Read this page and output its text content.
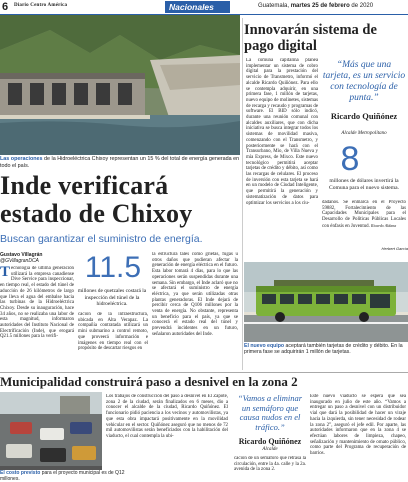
6 Diario Centro América	Nacionales	Guatemala, martes 25 de febrero de 2020
Las operaciones de la Hidroeléctrica Chixoy representan un 15 % del total de energía generada en todo el país.
Inde verificará estado de Chixoy
Buscan garantizar el suministro de energía.
Gustavo Villagrán
@GVillagranDCA
Tecnología de última generación utilizará la empresa canadiense Dive Service para inspeccionar, en tiempo real, el estado del túnel de aducción de 26 kilómetros de largo que lleva el agua del embalse hacia las turbinas de la Hidroeléctrica Chixoy. Desde su inauguración, hace 34 años, no se realizaba una labor de esta magnitud, informaron autoridades del Instituto Nacional de Electrificación (Inde), que erogará Q21.5 millones para la verifi-
11.5
millones de quetzales costará la inspección del túnel de la hidroeléctrica.
cación de la infraestructura, ubicada en Alta Verapaz. La compañía contratada utilizará un mini submarino a control remoto, que proveerá información e imágenes en tiempo real con el propósito de descartar riesgos en
la estructura tales como grietas, fugas u otros daños que pudieran afectar la generación de energía eléctrica en el futuro. Esta labor tomará 4 días, para lo que las operaciones serán suspendidas durante una semana. Sin embargo, el Inde aclaró que no se afectará el suministro de energía eléctrica, ya que serán utilizadas otras plantas generadoras. El Inde dejará de percibir cerca de Q106 millones por la venta de energía. No obstante, representa un beneficio para el país, ya que se conocerá el estado real del túnel y prevendrá incidentes en un futuro, señalaron autoridades del Inde.
Innovarán sistema de pago digital
La comuna capitalina planea implementar un sistema de cobro digital para la prestación del servicio de Transmetro, informó el alcalde Ricardo Quiñónez. Para ello se contempla adquirir, en una primera fase, 1 millón de tarjetas, nuevo equipo de molinetes, sistemas de recarga y recaudo y programas de software. El BID sólo indicó, durante una reunión comunal con alcaldes auxiliares, que con dicha iniciativa se busca integrar todos los sistemas de movilidad masiva, comenzando con el Transmetro, y posteriormente se hará con el Transurbano, Mio, de Villa Nueva y mía Express, de Mixco. Este nuevo tecnológico permitirá aceptar tarjetas de crédito y débito, así como las recargas de celulares. El proceso de inversión con esta tarjeta se hará en un modelo de Ciudad Inteligente, que permitirá la generación y sistematización de datos para optimizar los servicios a los ciu-
“Más que una tarjeta, es un servicio con tecnología de punta.”
Ricardo Quiñónez
Alcalde Metropolitano
8
millones de dólares invertirá la Comuna para el nuevo sistema.
dadanos. Se enmarca en el Proyecto 59882, Fortalecimiento de las Capacidades Municipales para el Desarrollo de Políticas Públicas Locales con énfasis en Juventud. Ricardo Aldana
Herbert García
El nuevo equipo aceptará también tarjetas de crédito y débito. En la primera fase se adquirirán 1 millón de tarjetas.
Municipalidad construirá paso a desnivel en la zona 2
El costo previsto para el proyecto municipal es de Q12 millones.
Los trabajos de construcción del paso a desnivel en El Zapote, zona 2 de la ciudad, serán finalizados en 6 meses, dio a conocer el alcalde de la ciudad, Ricardo Quiñónez. El funcionario pidió paciencia a los vecinos y automovilistas, ya que esta obra impactará positivamente en la movilidad vehicular en el sector. Quiñónez aseguró que no menos de 72 mil automovilistas serán beneficiados con la habilitación del viaducto, el cual contempla la ubi-
“Vamos a eliminar un semáforo que causa nudos en el tráfico.”
Ricardo Quiñónez
Alcalde
cación de un semáforo que retrasa la circulación, entre la 4a. calle y la 2a. avenida de la zona 2.
Este nuevo viaducto se espera que sea inaugurado en julio de este año. “Vamos a entregar un paso a desnivel con un distribuidor vial que dará la posibilidad de hacer un viraje hacia la izquierda, sin tener necesidad de rodear la zona 2”, aseguró el jefe edil. Por aparte, las autoridades informaron que en la zona 4 se efectúan labores de limpieza, chapeo, señalización y mantenimiento de ornato público, como parte del Programa de recuperación de barrios.
